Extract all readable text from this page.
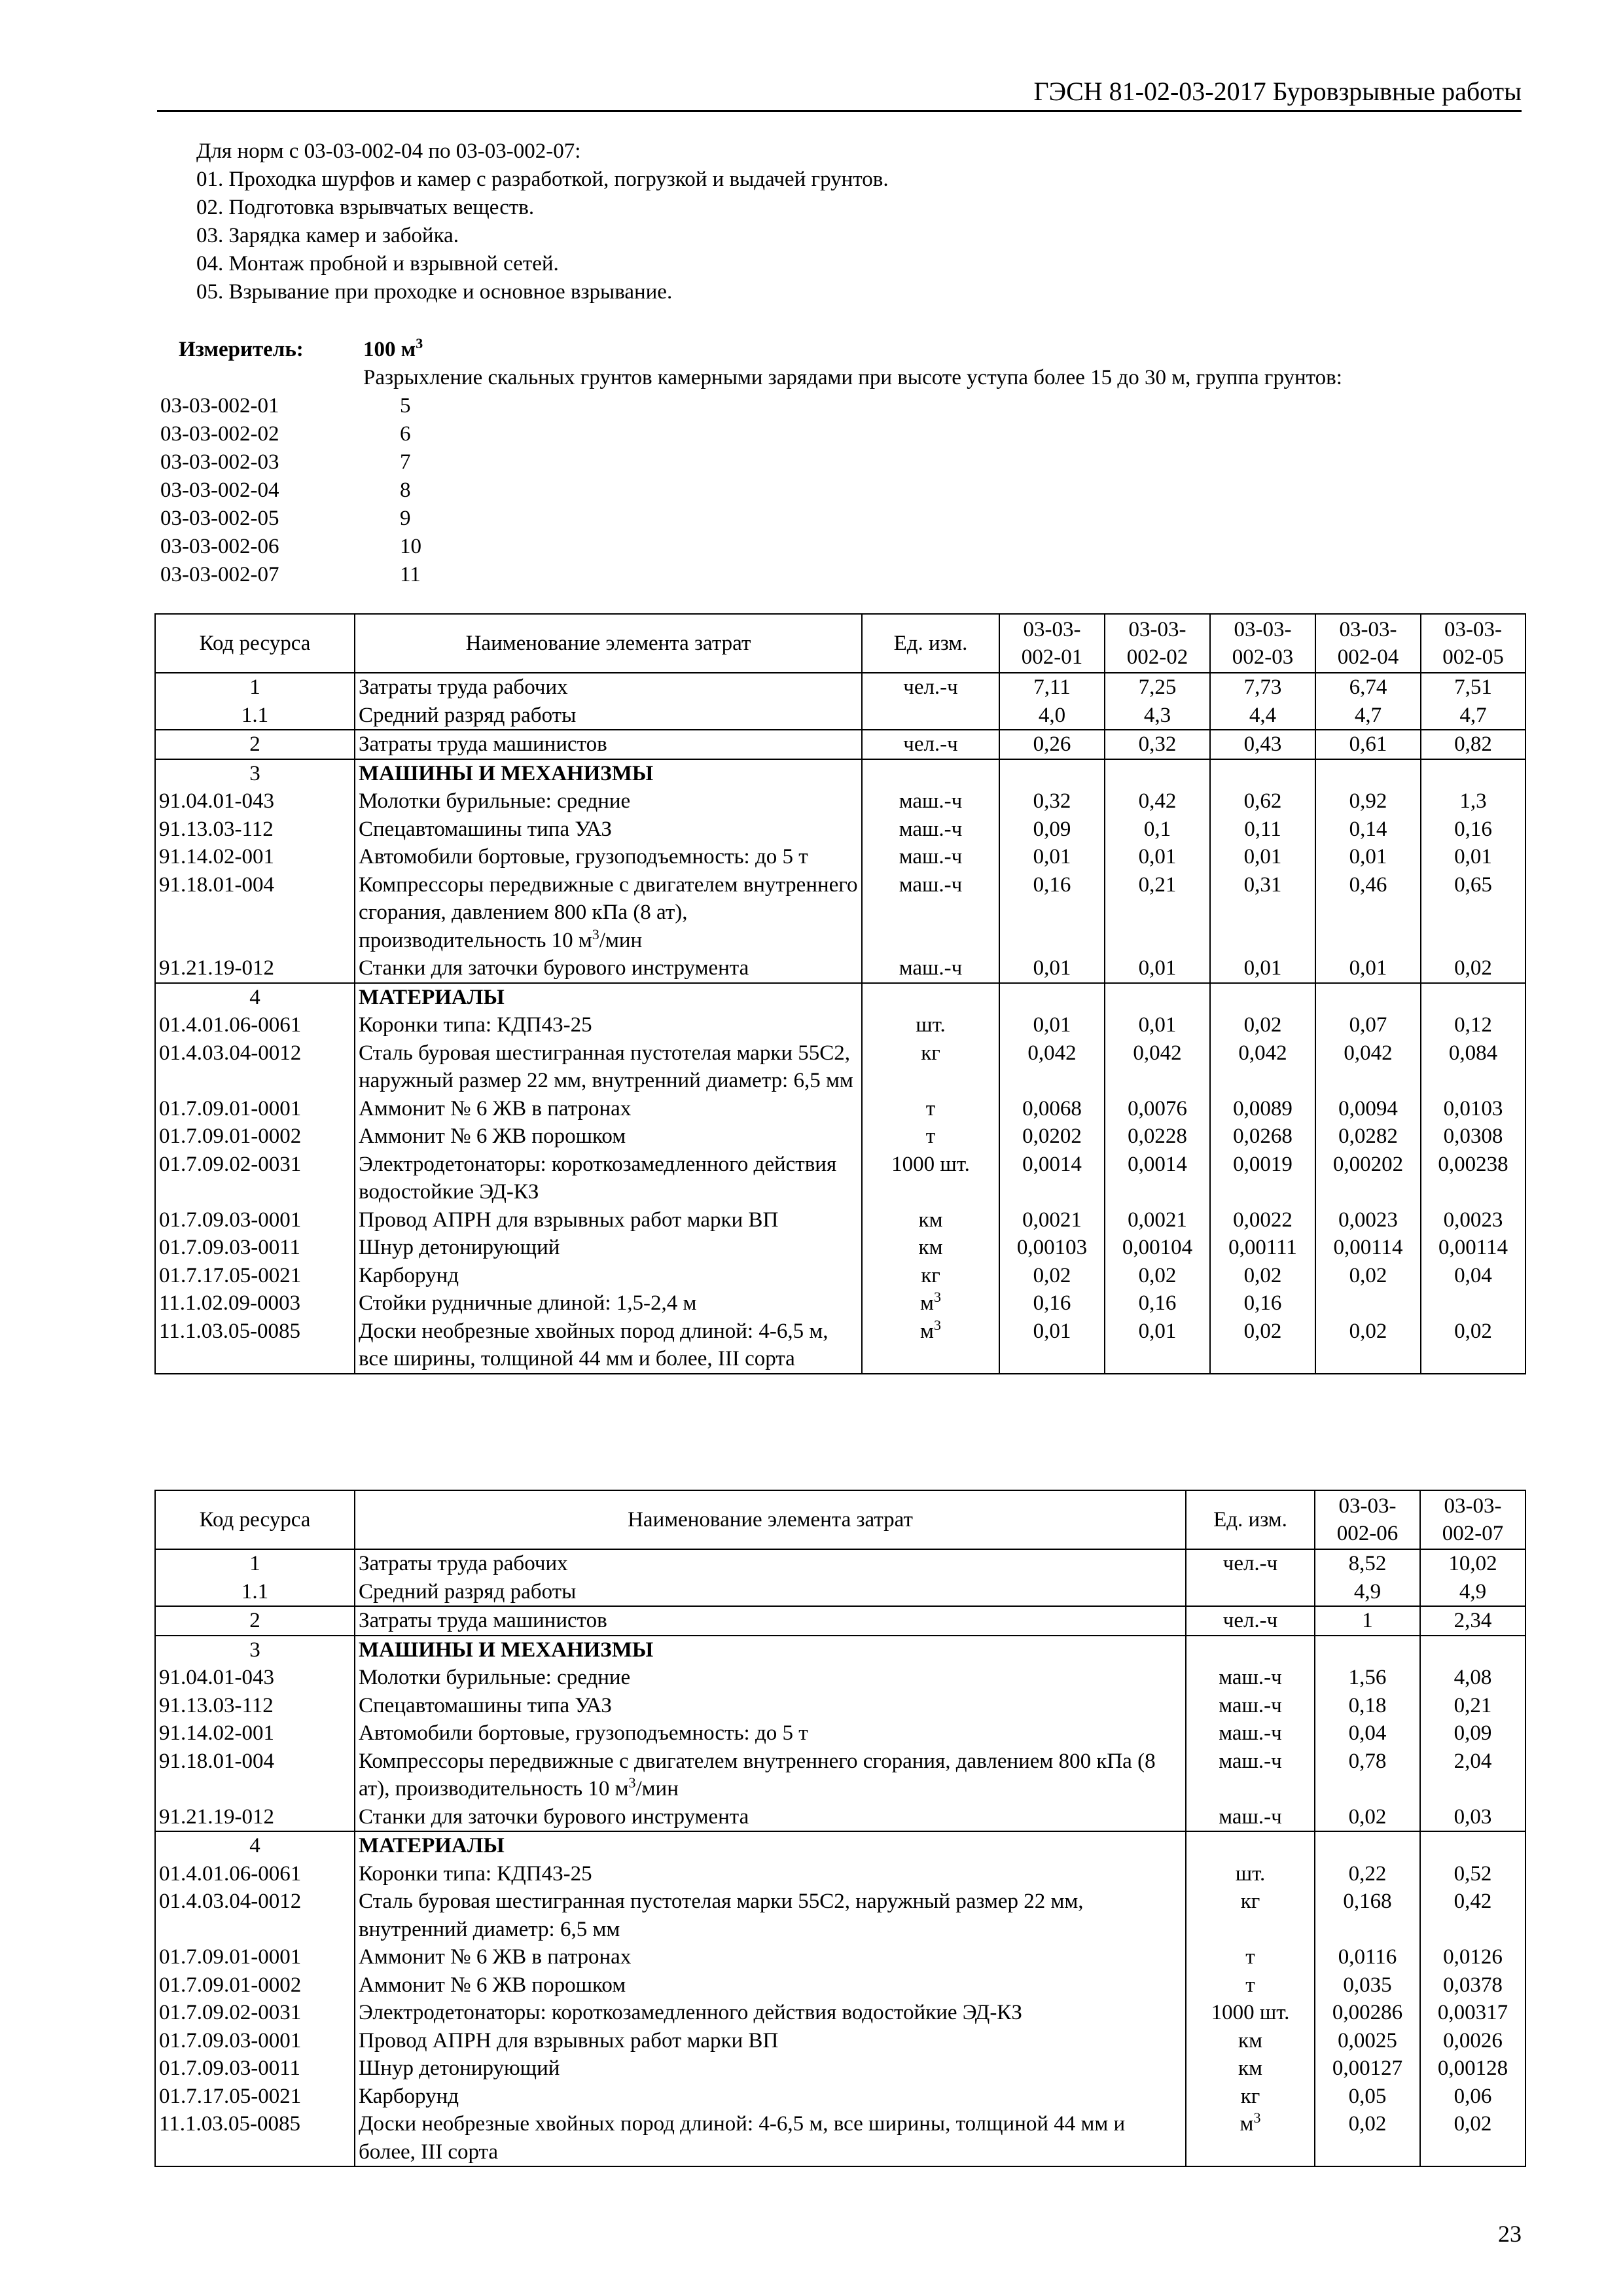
ГЭСН 81-02-03-2017 Буровзрывные работы
Для норм с 03-03-002-04 по 03-03-002-07:
01. Проходка шурфов и камер с разработкой, погрузкой и выдачей грунтов.
02. Подготовка взрывчатых веществ.
03. Зарядка камер и забойка.
04. Монтаж пробной и взрывной сетей.
05. Взрывание при проходке и основное взрывание.
Измеритель:	100 $м^3$
Разрыхление скальных грунтов камерными зарядами при высоте уступа более 15 до 30 м, группа грунтов:
03-03-002-01	5
03-03-002-02	6
03-03-002-03	7
03-03-002-04	8
03-03-002-05	9
03-03-002-06	10
03-03-002-07	11
Код ресурса	Наименование элемента затрат	Ед. изм.	03-03-
002-01	03-03-
002-02	03-03-
002-03	03-03-
002-04	03-03-
002-05
1	Затраты труда рабочих	чел.-ч	7,11	7,25	7,73	6,74	7,51
1.1	Средний разряд работы		4,0	4,3	4,4	4,7	4,7
2	Затраты труда машинистов	чел.-ч	0,26	0,32	0,43	0,61	0,82
3	МАШИНЫ И МЕХАНИЗМЫ						
91.04.01-043	Молотки бурильные: средние	маш.-ч	0,32	0,42	0,62	0,92	1,3
91.13.03-112	Спецавтомашины типа УАЗ	маш.-ч	0,09	0,1	0,11	0,14	0,16
91.14.02-001	Автомобили бортовые, грузоподъемность: до 5 т	маш.-ч	0,01	0,01	0,01	0,01	0,01
91.18.01-004	Компрессоры передвижные с двигателем внутреннего сгорания, давлением 800 кПа (8 ат), производительность 10 $м^3$/мин	маш.-ч	0,16	0,21	0,31	0,46	0,65
91.21.19-012	Станки для заточки бурового инструмента	маш.-ч	0,01	0,01	0,01	0,01	0,02
4	МАТЕРИАЛЫ						
01.4.01.06-0061	Коронки типа: КДП43-25	шт.	0,01	0,01	0,02	0,07	0,12
01.4.03.04-0012	Сталь буровая шестигранная пустотелая марки 55С2, наружный размер 22 мм, внутренний диаметр: 6,5 мм	кг	0,042	0,042	0,042	0,042	0,084
01.7.09.01-0001	Аммонит № 6 ЖВ в патронах	т	0,0068	0,0076	0,0089	0,0094	0,0103
01.7.09.01-0002	Аммонит № 6 ЖВ порошком	т	0,0202	0,0228	0,0268	0,0282	0,0308
01.7.09.02-0031	Электродетонаторы: короткозамедленного действия водостойкие ЭД-КЗ	1000 шт.	0,0014	0,0014	0,0019	0,00202	0,00238
01.7.09.03-0001	Провод АПРН для взрывных работ марки ВП	км	0,0021	0,0021	0,0022	0,0023	0,0023
01.7.09.03-0011	Шнур детонирующий	км	0,00103	0,00104	0,00111	0,00114	0,00114
01.7.17.05-0021	Карборунд	кг	0,02	0,02	0,02	0,02	0,04
11.1.02.09-0003	Стойки рудничные длиной: 1,5-2,4 м	$м^3$	0,16	0,16	0,16		
11.1.03.05-0085	Доски необрезные хвойных пород длиной: 4-6,5 м, все ширины, толщиной 44 мм и более, III сорта	$м^3$	0,01	0,01	0,02	0,02	0,02
Код ресурса	Наименование элемента затрат	Ед. изм.	03-03-
002-06	03-03-
002-07
1	Затраты труда рабочих	чел.-ч	8,52	10,02
1.1	Средний разряд работы		4,9	4,9
2	Затраты труда машинистов	чел.-ч	1	2,34
3	МАШИНЫ И МЕХАНИЗМЫ			
91.04.01-043	Молотки бурильные: средние	маш.-ч	1,56	4,08
91.13.03-112	Спецавтомашины типа УАЗ	маш.-ч	0,18	0,21
91.14.02-001	Автомобили бортовые, грузоподъемность: до 5 т	маш.-ч	0,04	0,09
91.18.01-004	Компрессоры передвижные с двигателем внутреннего сгорания, давлением 800 кПа (8 ат), производительность 10 $м^3$/мин	маш.-ч	0,78	2,04
91.21.19-012	Станки для заточки бурового инструмента	маш.-ч	0,02	0,03
4	МАТЕРИАЛЫ			
01.4.01.06-0061	Коронки типа: КДП43-25	шт.	0,22	0,52
01.4.03.04-0012	Сталь буровая шестигранная пустотелая марки 55С2, наружный размер 22 мм, внутренний диаметр: 6,5 мм	кг	0,168	0,42
01.7.09.01-0001	Аммонит № 6 ЖВ в патронах	т	0,0116	0,0126
01.7.09.01-0002	Аммонит № 6 ЖВ порошком	т	0,035	0,0378
01.7.09.02-0031	Электродетонаторы: короткозамедленного действия водостойкие ЭД-КЗ	1000 шт.	0,00286	0,00317
01.7.09.03-0001	Провод АПРН для взрывных работ марки ВП	км	0,0025	0,0026
01.7.09.03-0011	Шнур детонирующий	км	0,00127	0,00128
01.7.17.05-0021	Карборунд	кг	0,05	0,06
11.1.03.05-0085	Доски необрезные хвойных пород длиной: 4-6,5 м, все ширины, толщиной 44 мм и более, III сорта	$м^3$	0,02	0,02
23
